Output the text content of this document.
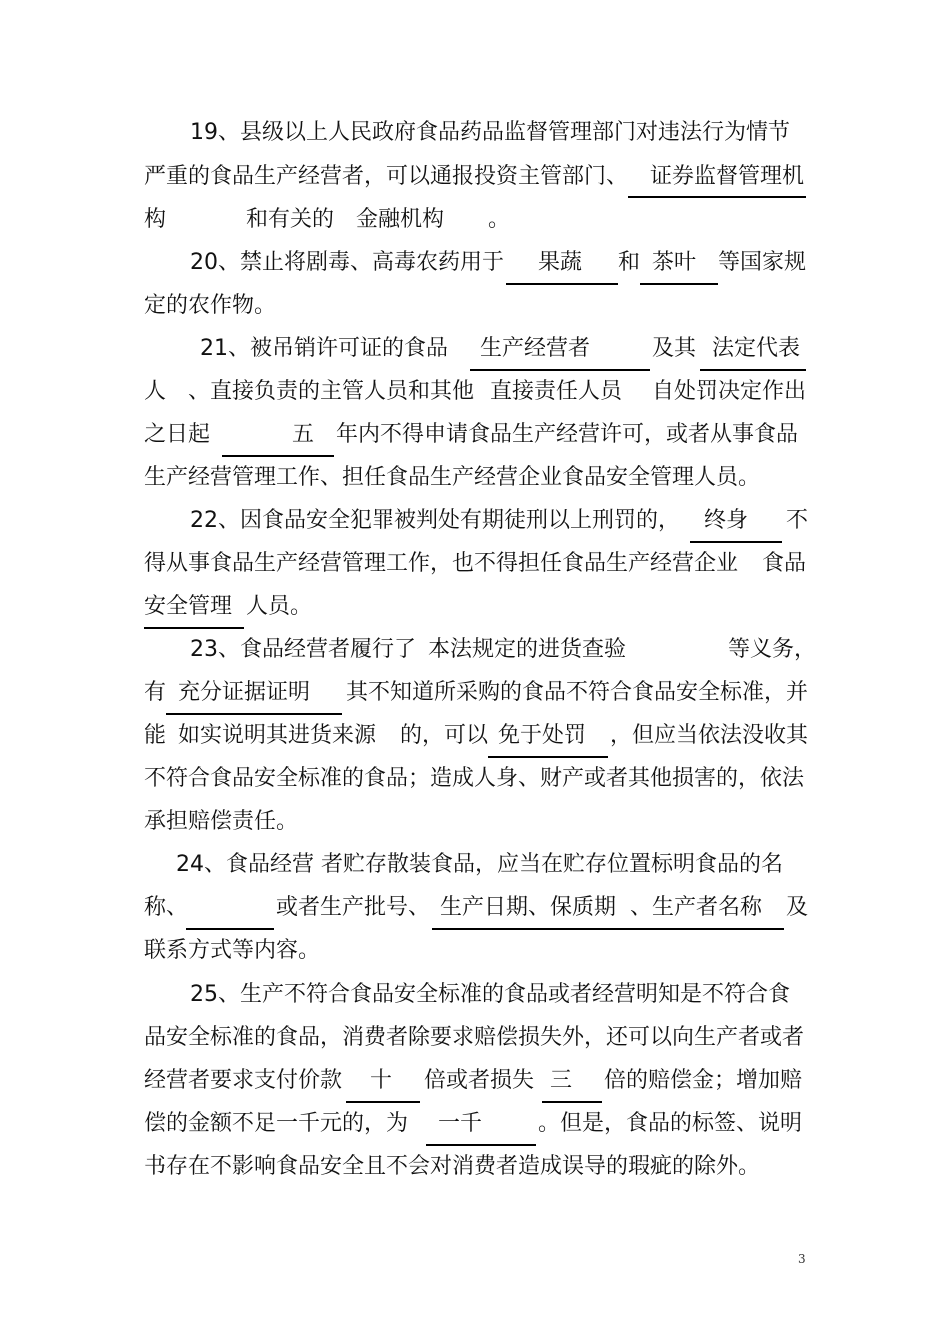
19、县级以上人民政府食品药品监督管理部门对违法行为情节
严重的食品生产经营者，可以通报投资主管部门、 证券监督管理机
构	和有关的 金融机构 。
20、禁止将剧毒、高毒农药用于 果蔬 和 茶叶 等国家规
定的农作物。
21、被吊销许可证的食品 生产经营者	及其 法定代表
人 、直接负责的主管人员和其他 直接责任人员 自处罚决定作出
之日起	五 年内不得申请食品生产经营许可，或者从事食品
生产经营管理工作、担任食品生产经营企业食品安全管理人员。
22、因食品安全犯罪被判处有期徒刑以上刑罚的， 终身 不
得从事食品生产经营管理工作，也不得担任食品生产经营企业 食品
安全管理 人员。
23、食品经营者履行了 本法规定的进货查验	等义务，
有 充分证据证明 其不知道所采购的食品不符合食品安全标准，并
能 如实说明其进货来源 的，可以 免于处罚 ，但应当依法没收其
不符合食品安全标准的食品；造成人身、财产或者其他损害的，依法
承担赔偿责任。
24、食品经营 者贮存散装食品，应当在贮存位置标明食品的名
称、	或者生产批号、 生产日期、保质期 、生产者名称 及
联系方式等内容。
25、生产不符合食品安全标准的食品或者经营明知是不符合食
品安全标准的食品，消费者除要求赔偿损失外，还可以向生产者或者
经营者要求支付价款 十 倍或者损失 三 倍的赔偿金；增加赔
偿的金额不足一千元的，为 一千	。但是，食品的标签、说明
书存在不影响食品安全且不会对消费者造成误导的瑕疵的除外。
3
